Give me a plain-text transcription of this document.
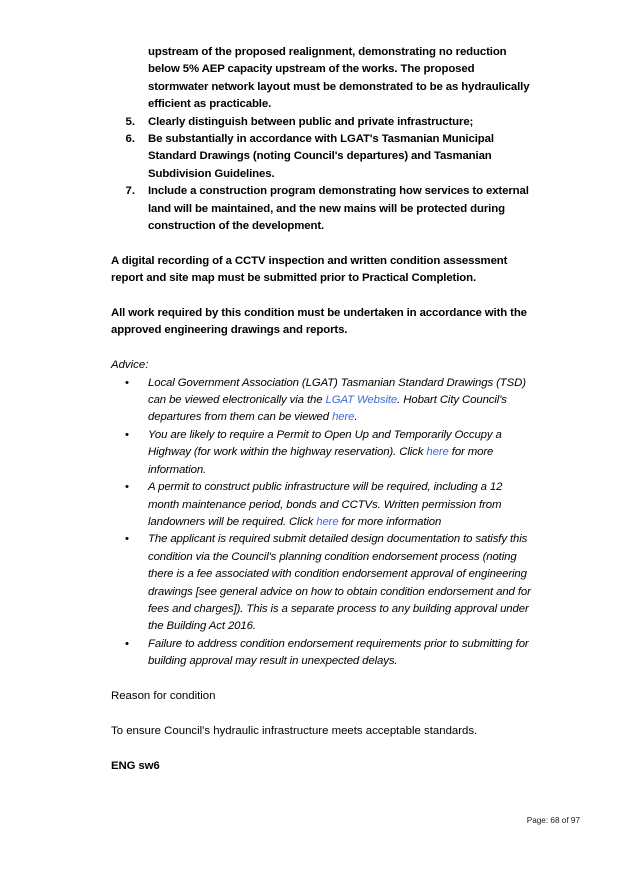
upstream of the proposed realignment, demonstrating no reduction
below 5% AEP capacity upstream of the works. The proposed
stormwater network layout must be demonstrated to be as hydraulically
efficient as practicable.
5. Clearly distinguish between public and private infrastructure;
6. Be substantially in accordance with LGAT's Tasmanian Municipal
Standard Drawings (noting Council's departures) and Tasmanian
Subdivision Guidelines.
7. Include a construction program demonstrating how services to external
land will be maintained, and the new mains will be protected during
construction of the development.

A digital recording of a CCTV inspection and written condition assessment
report and site map must be submitted prior to Practical Completion.

All work required by this condition must be undertaken in accordance with the
approved engineering drawings and reports.

Advice:

• Local Government Association (LGAT) Tasmanian Standard Drawings (TSD)
can be viewed electronically via the LGAT Website. Hobart City Council's
departures from them can be viewed here.
• You are likely to require a Permit to Open Up and Temporarily Occupy a
Highway (for work within the highway reservation). Click here for more
information.
• A permit to construct public infrastructure will be required, including a 12
month maintenance period, bonds and CCTVs. Written permission from
landowners will be required. Click here for more information
• The applicant is required submit detailed design documentation to satisfy this
condition via the Council's planning condition endorsement process (noting
there is a fee associated with condition endorsement approval of engineering
drawings [see general advice on how to obtain condition endorsement and for
fees and charges]). This is a separate process to any building approval under
the Building Act 2016.
• Failure to address condition endorsement requirements prior to submitting for
building approval may result in unexpected delays.

Reason for condition

To ensure Council's hydraulic infrastructure meets acceptable standards.

ENG sw6

Page: 68 of 97
